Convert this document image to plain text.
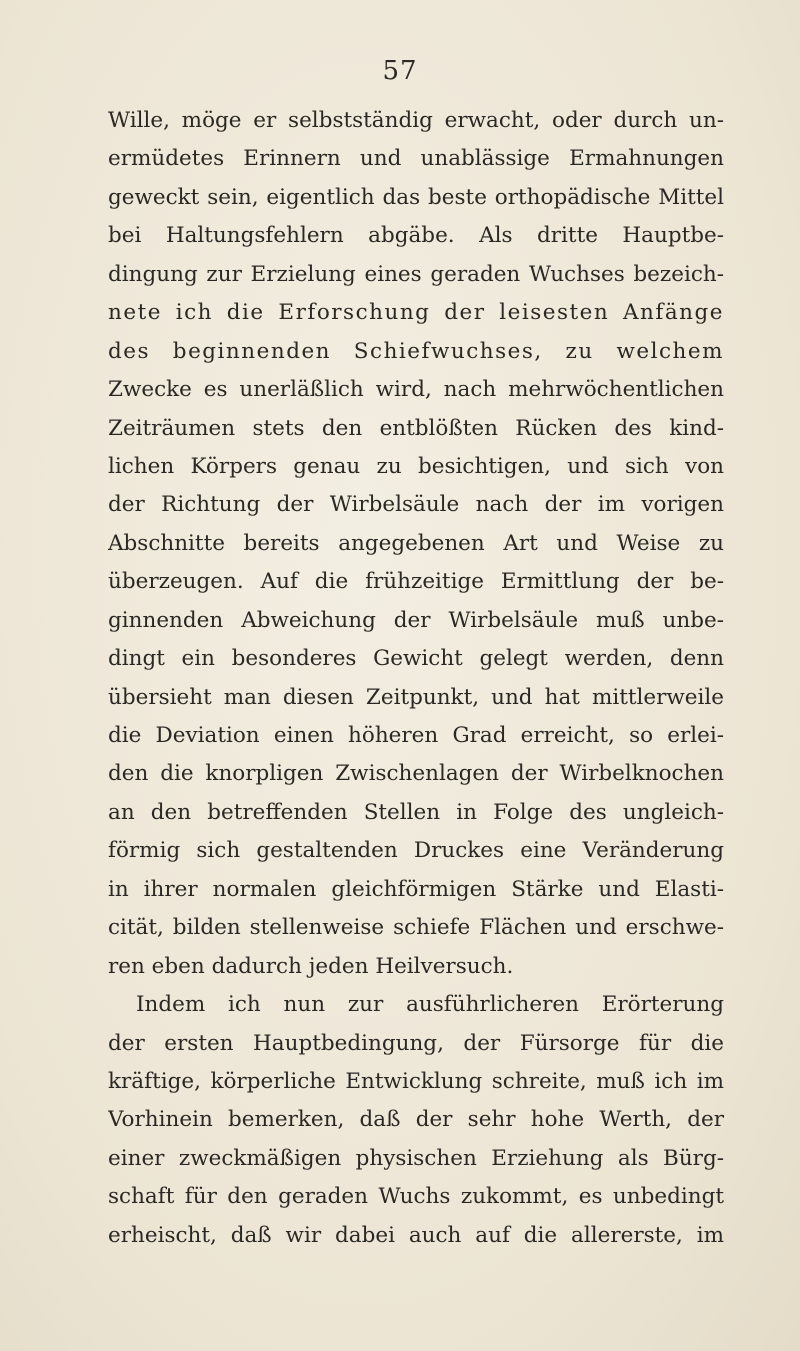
57
Wille, möge er selbstständig erwacht, oder durch un-
ermüdetes Erinnern und unablässige Ermahnungen
geweckt sein, eigentlich das beste orthopädische Mittel
bei Haltungsfehlern abgäbe. Als dritte Hauptbe-
dingung zur Erzielung eines geraden Wuchses bezeich-
nete ich die Erforschung der leisesten Anfänge
des beginnenden Schiefwuchses, zu welchem
Zwecke es unerläßlich wird, nach mehrwöchentlichen
Zeiträumen stets den entblößten Rücken des kind-
lichen Körpers genau zu besichtigen, und sich von
der Richtung der Wirbelsäule nach der im vorigen
Abschnitte bereits angegebenen Art und Weise zu
überzeugen. Auf die frühzeitige Ermittlung der be-
ginnenden Abweichung der Wirbelsäule muß unbe-
dingt ein besonderes Gewicht gelegt werden, denn
übersieht man diesen Zeitpunkt, und hat mittlerweile
die Deviation einen höheren Grad erreicht, so erlei-
den die knorpligen Zwischenlagen der Wirbelknochen
an den betreffenden Stellen in Folge des ungleich-
förmig sich gestaltenden Druckes eine Veränderung
in ihrer normalen gleichförmigen Stärke und Elasti-
cität, bilden stellenweise schiefe Flächen und erschwe-
ren eben dadurch jeden Heilversuch.
Indem ich nun zur ausführlicheren Erörterung
der ersten Hauptbedingung, der Fürsorge für die
kräftige, körperliche Entwicklung schreite, muß ich im
Vorhinein bemerken, daß der sehr hohe Werth, der
einer zweckmäßigen physischen Erziehung als Bürg-
schaft für den geraden Wuchs zukommt, es unbedingt
erheischt, daß wir dabei auch auf die allererste, im
